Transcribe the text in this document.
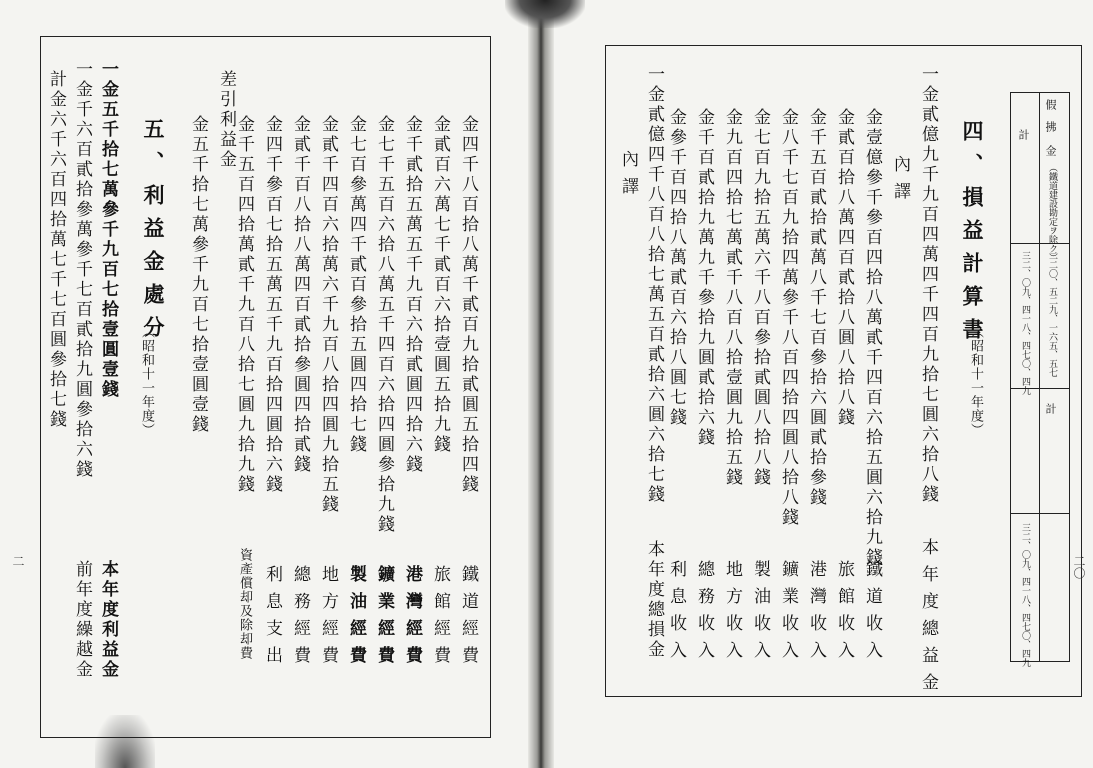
金四千八百拾八萬千貳百九拾貳圓五拾四錢
金貳百六萬七千貳百六拾壹圓五拾九錢
金千貳拾五萬五千九百六拾貳圓四拾六錢
金七千五百六拾八萬五千四百六拾四圓參拾九錢
金七百參萬四千貳百參拾五圓四拾七錢
金貳千四百六拾萬六千九百八拾四圓九拾五錢
金貳千百八拾八萬四百貳拾參圓四拾貳錢
金四千參百七拾五萬五千九百拾四圓拾六錢
金千五百四拾萬貳千九百八拾七圓九拾九錢
鐵道經費
旅館經費
港灣經費
鑛業經費
製油經費
地方經費
總務經費
利息支出
資產償却及除却費
差引利益金
金五千拾七萬參千九百七拾壹圓壹錢
五、利益金處分
（昭和十一年度）
一金五千拾七萬參千九百七拾壹圓壹錢
一金千六百貳拾參萬參千七百貳拾九圓參拾六錢
計金六千六百四拾萬七千七百圓參拾七錢
本年度利益金
前年度繰越金
二
四、損益計算書
（昭和十一年度）
一金貳億九千九百四萬四千四百九拾七圓六拾八錢
本年度總益金
內譯
金壹億參千參百四拾八萬貳千四百六拾五圓六拾九錢
金貳百拾八萬四百貳拾八圓八拾八錢
金千五百貳拾貳萬八千七百參拾六圓貳拾參錢
金八千七百九拾四萬參千八百四拾四圓八拾八錢
金七百九拾五萬六千八百參拾貳圓八拾八錢
金九百四拾七萬貳千八百八拾壹圓九拾五錢
金千百貳拾九萬九千參拾九圓貳拾六錢
金參千百四拾八萬貳百六拾八圓七錢
鐵道收入
旅館收入
港灣收入
鑛業收入
製油收入
地方收入
總務收入
利息收入
一金貳億四千八百八拾七萬五百貳拾六圓六拾七錢
本年度總損金
內譯
二〇
假
拂
金
（鐵道建設勘定ヲ除ク）
二二〇、五二九、一六五、五七
計
三二、〇九、四一八、四七〇、四九
計
三二、〇九、四一八、四七〇、四九
